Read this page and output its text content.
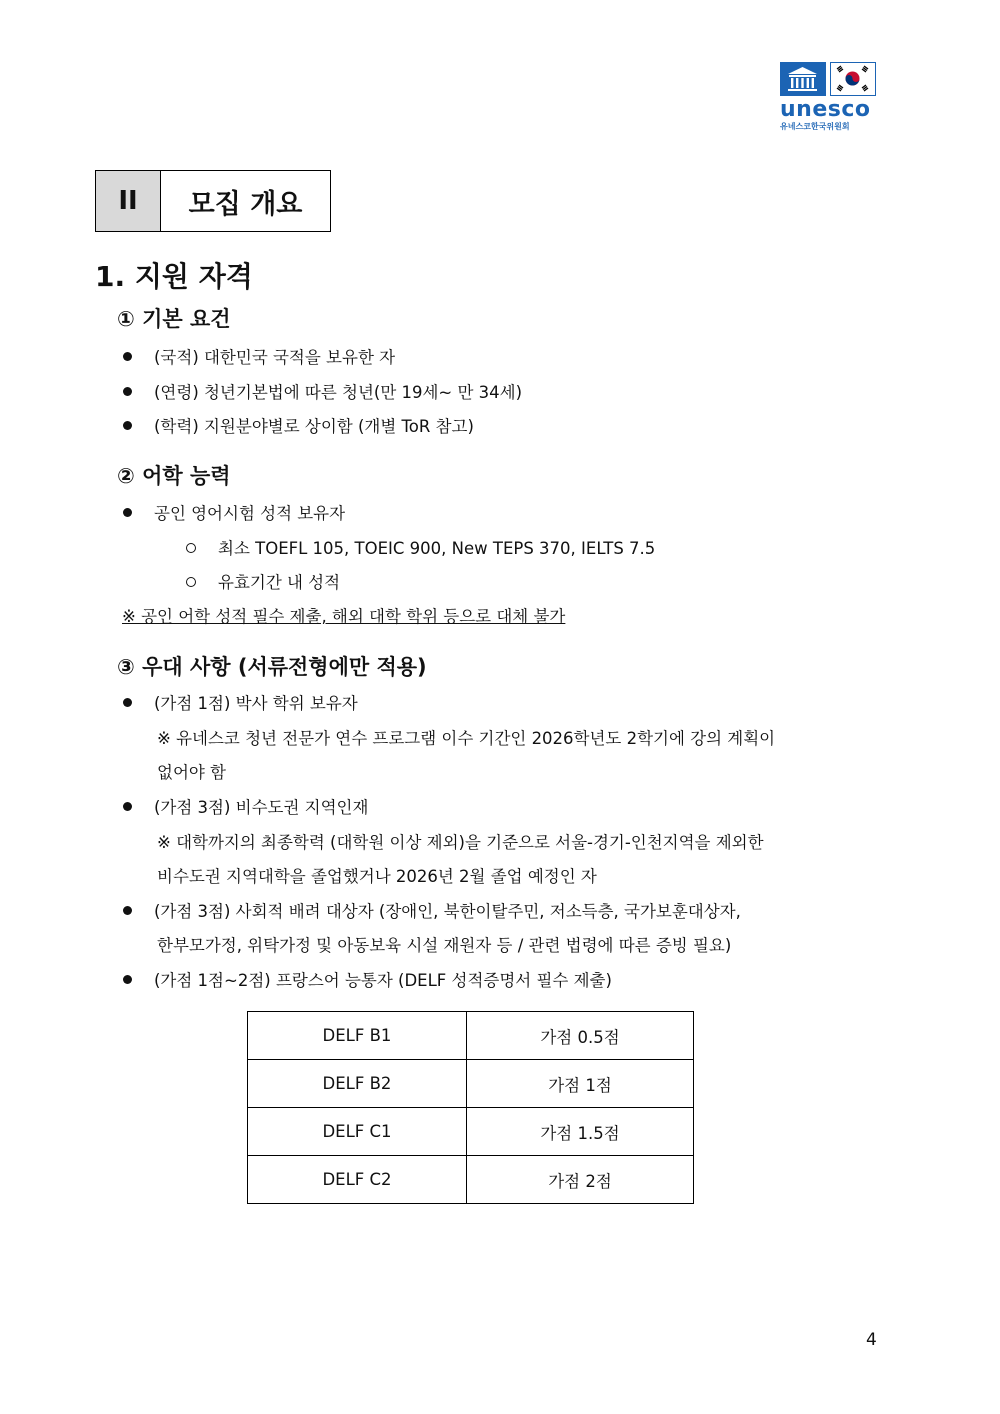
unesco
유네스코한국위원회
II	모집 개요
1. 지원 자격
① 기본 요건
(국적) 대한민국 국적을 보유한 자
(연령) 청년기본법에 따른 청년(만 19세~ 만 34세)
(학력) 지원분야별로 상이함 (개별 ToR 참고)
② 어학 능력
공인 영어시험 성적 보유자
최소 TOEFL 105, TOEIC 900, New TEPS 370, IELTS 7.5
유효기간 내 성적
※ 공인 어학 성적 필수 제출, 해외 대학 학위 등으로 대체 불가
③ 우대 사항 (서류전형에만 적용)
(가점 1점) 박사 학위 보유자
※ 유네스코 청년 전문가 연수 프로그램 이수 기간인 2026학년도 2학기에 강의 계획이
없어야 함
(가점 3점) 비수도권 지역인재
※ 대학까지의 최종학력 (대학원 이상 제외)을 기준으로 서울-경기-인천지역을 제외한
비수도권 지역대학을 졸업했거나 2026년 2월 졸업 예정인 자
(가점 3점) 사회적 배려 대상자 (장애인, 북한이탈주민, 저소득층, 국가보훈대상자,
한부모가정, 위탁가정 및 아동보육 시설 재원자 등 / 관련 법령에 따른 증빙 필요)
(가점 1점~2점) 프랑스어 능통자 (DELF 성적증명서 필수 제출)
DELF B1	가점 0.5점
DELF B2	가점 1점
DELF C1	가점 1.5점
DELF C2	가점 2점
4
